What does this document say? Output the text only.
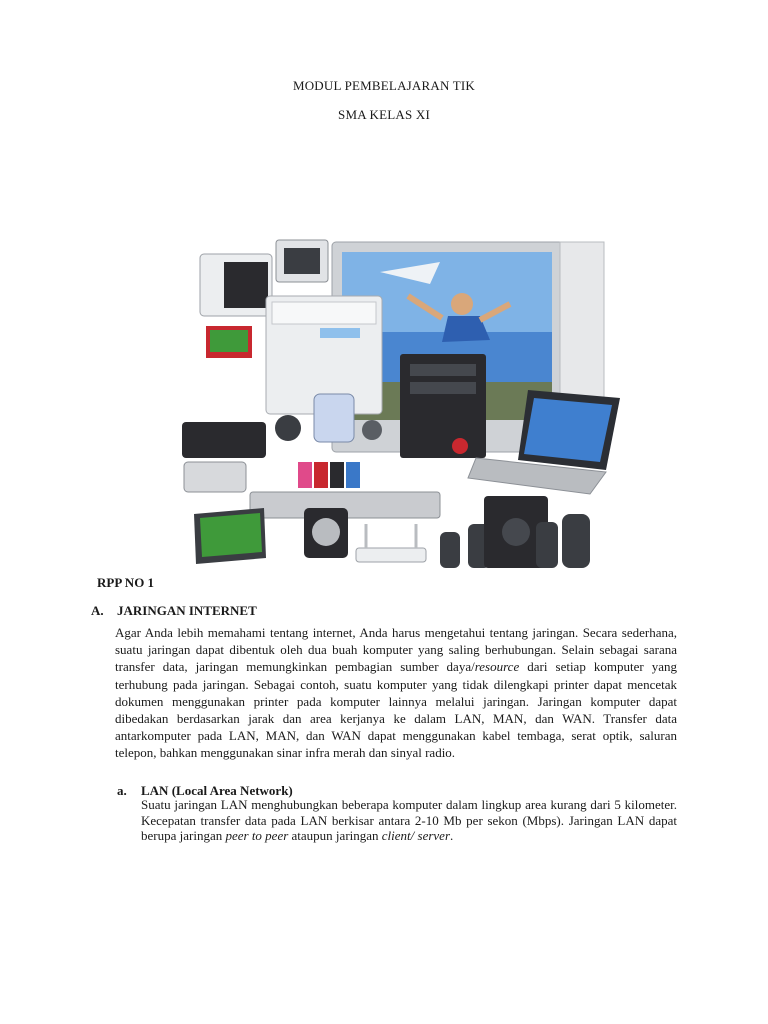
MODUL PEMBELAJARAN TIK
SMA KELAS XI
RPP NO 1
A. JARINGAN INTERNET
Agar Anda lebih memahami tentang internet, Anda harus mengetahui tentang jaringan. Secara sederhana, suatu jaringan dapat dibentuk oleh dua buah komputer yang saling berhubungan. Selain sebagai sarana transfer data, jaringan memungkinkan pembagian sumber daya/resource dari setiap komputer yang terhubung pada jaringan. Sebagai contoh, suatu komputer yang tidak dilengkapi printer dapat mencetak dokumen menggunakan printer pada komputer lainnya melalui jaringan. Jaringan komputer dapat dibedakan berdasarkan jarak dan area kerjanya ke dalam LAN, MAN, dan WAN. Transfer data antarkomputer pada LAN, MAN, dan WAN dapat menggunakan kabel tembaga, serat optik, saluran telepon, bahkan menggunakan sinar infra merah dan sinyal radio.
a. LAN (Local Area Network)
Suatu jaringan LAN menghubungkan beberapa komputer dalam lingkup area kurang dari 5 kilometer. Kecepatan transfer data pada LAN berkisar antara 2-10 Mb per sekon (Mbps). Jaringan LAN dapat berupa jaringan peer to peer ataupun jaringan client/ server.
